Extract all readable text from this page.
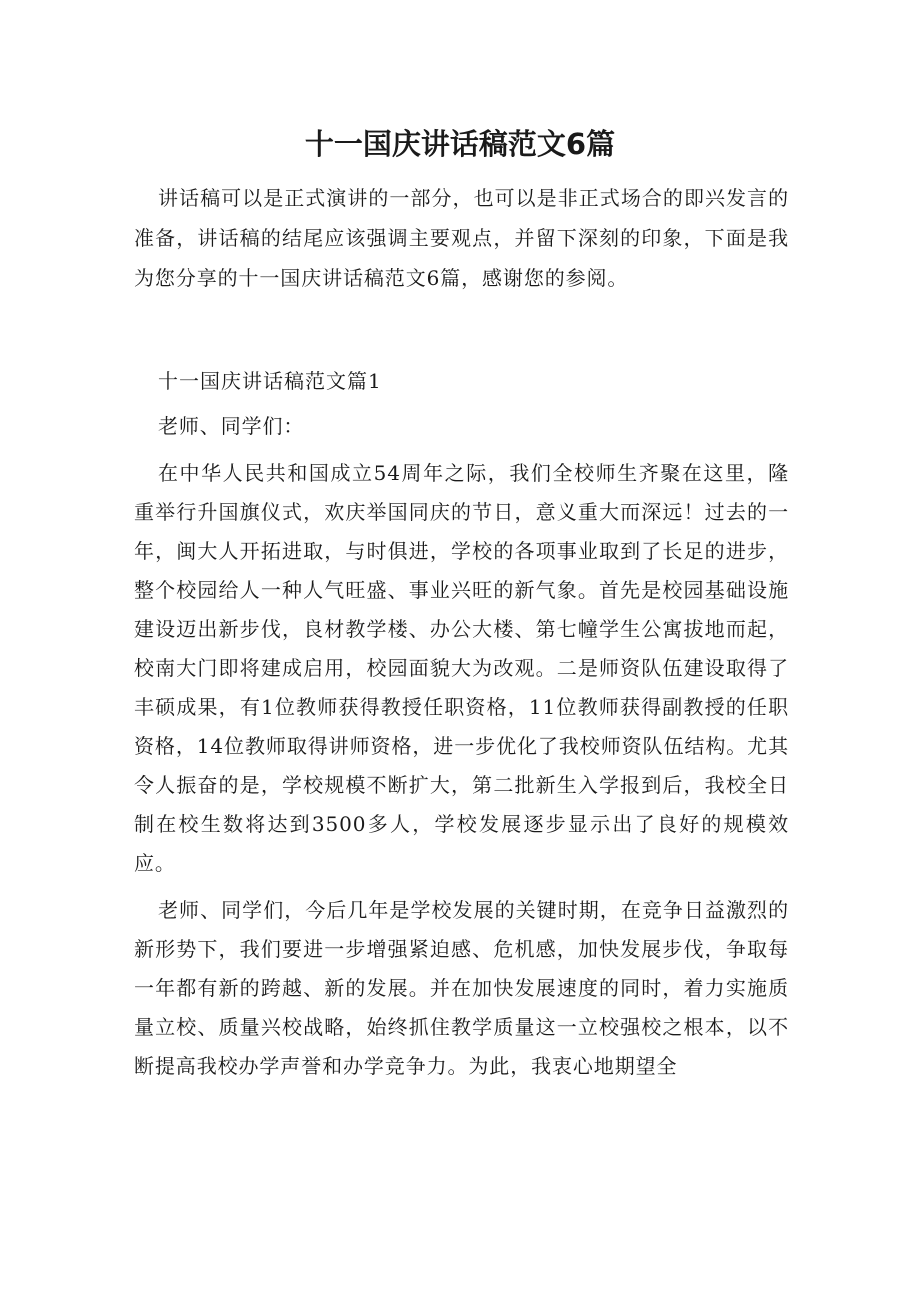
十一国庆讲话稿范文6篇

讲话稿可以是正式演讲的一部分，也可以是非正式场合的即兴发言的准备，讲话稿的结尾应该强调主要观点，并留下深刻的印象，下面是我为您分享的十一国庆讲话稿范文6篇，感谢您的参阅。

十一国庆讲话稿范文篇1

老师、同学们：

在中华人民共和国成立54周年之际，我们全校师生齐聚在这里，隆重举行升国旗仪式，欢庆举国同庆的节日，意义重大而深远！过去的一年，闽大人开拓进取，与时俱进，学校的各项事业取到了长足的进步，整个校园给人一种人气旺盛、事业兴旺的新气象。首先是校园基础设施建设迈出新步伐，良材教学楼、办公大楼、第七幢学生公寓拔地而起，校南大门即将建成启用，校园面貌大为改观。二是师资队伍建设取得了丰硕成果，有1位教师获得教授任职资格，11位教师获得副教授的任职资格，14位教师取得讲师资格，进一步优化了我校师资队伍结构。尤其令人振奋的是，学校规模不断扩大，第二批新生入学报到后，我校全日制在校生数将达到3500多人，学校发展逐步显示出了良好的规模效应。

老师、同学们，今后几年是学校发展的关键时期，在竞争日益激烈的新形势下，我们要进一步增强紧迫感、危机感，加快发展步伐，争取每一年都有新的跨越、新的发展。并在加快发展速度的同时，着力实施质量立校、质量兴校战略，始终抓住教学质量这一立校强校之根本，以不断提高我校办学声誉和办学竞争力。为此，我衷心地期望全
